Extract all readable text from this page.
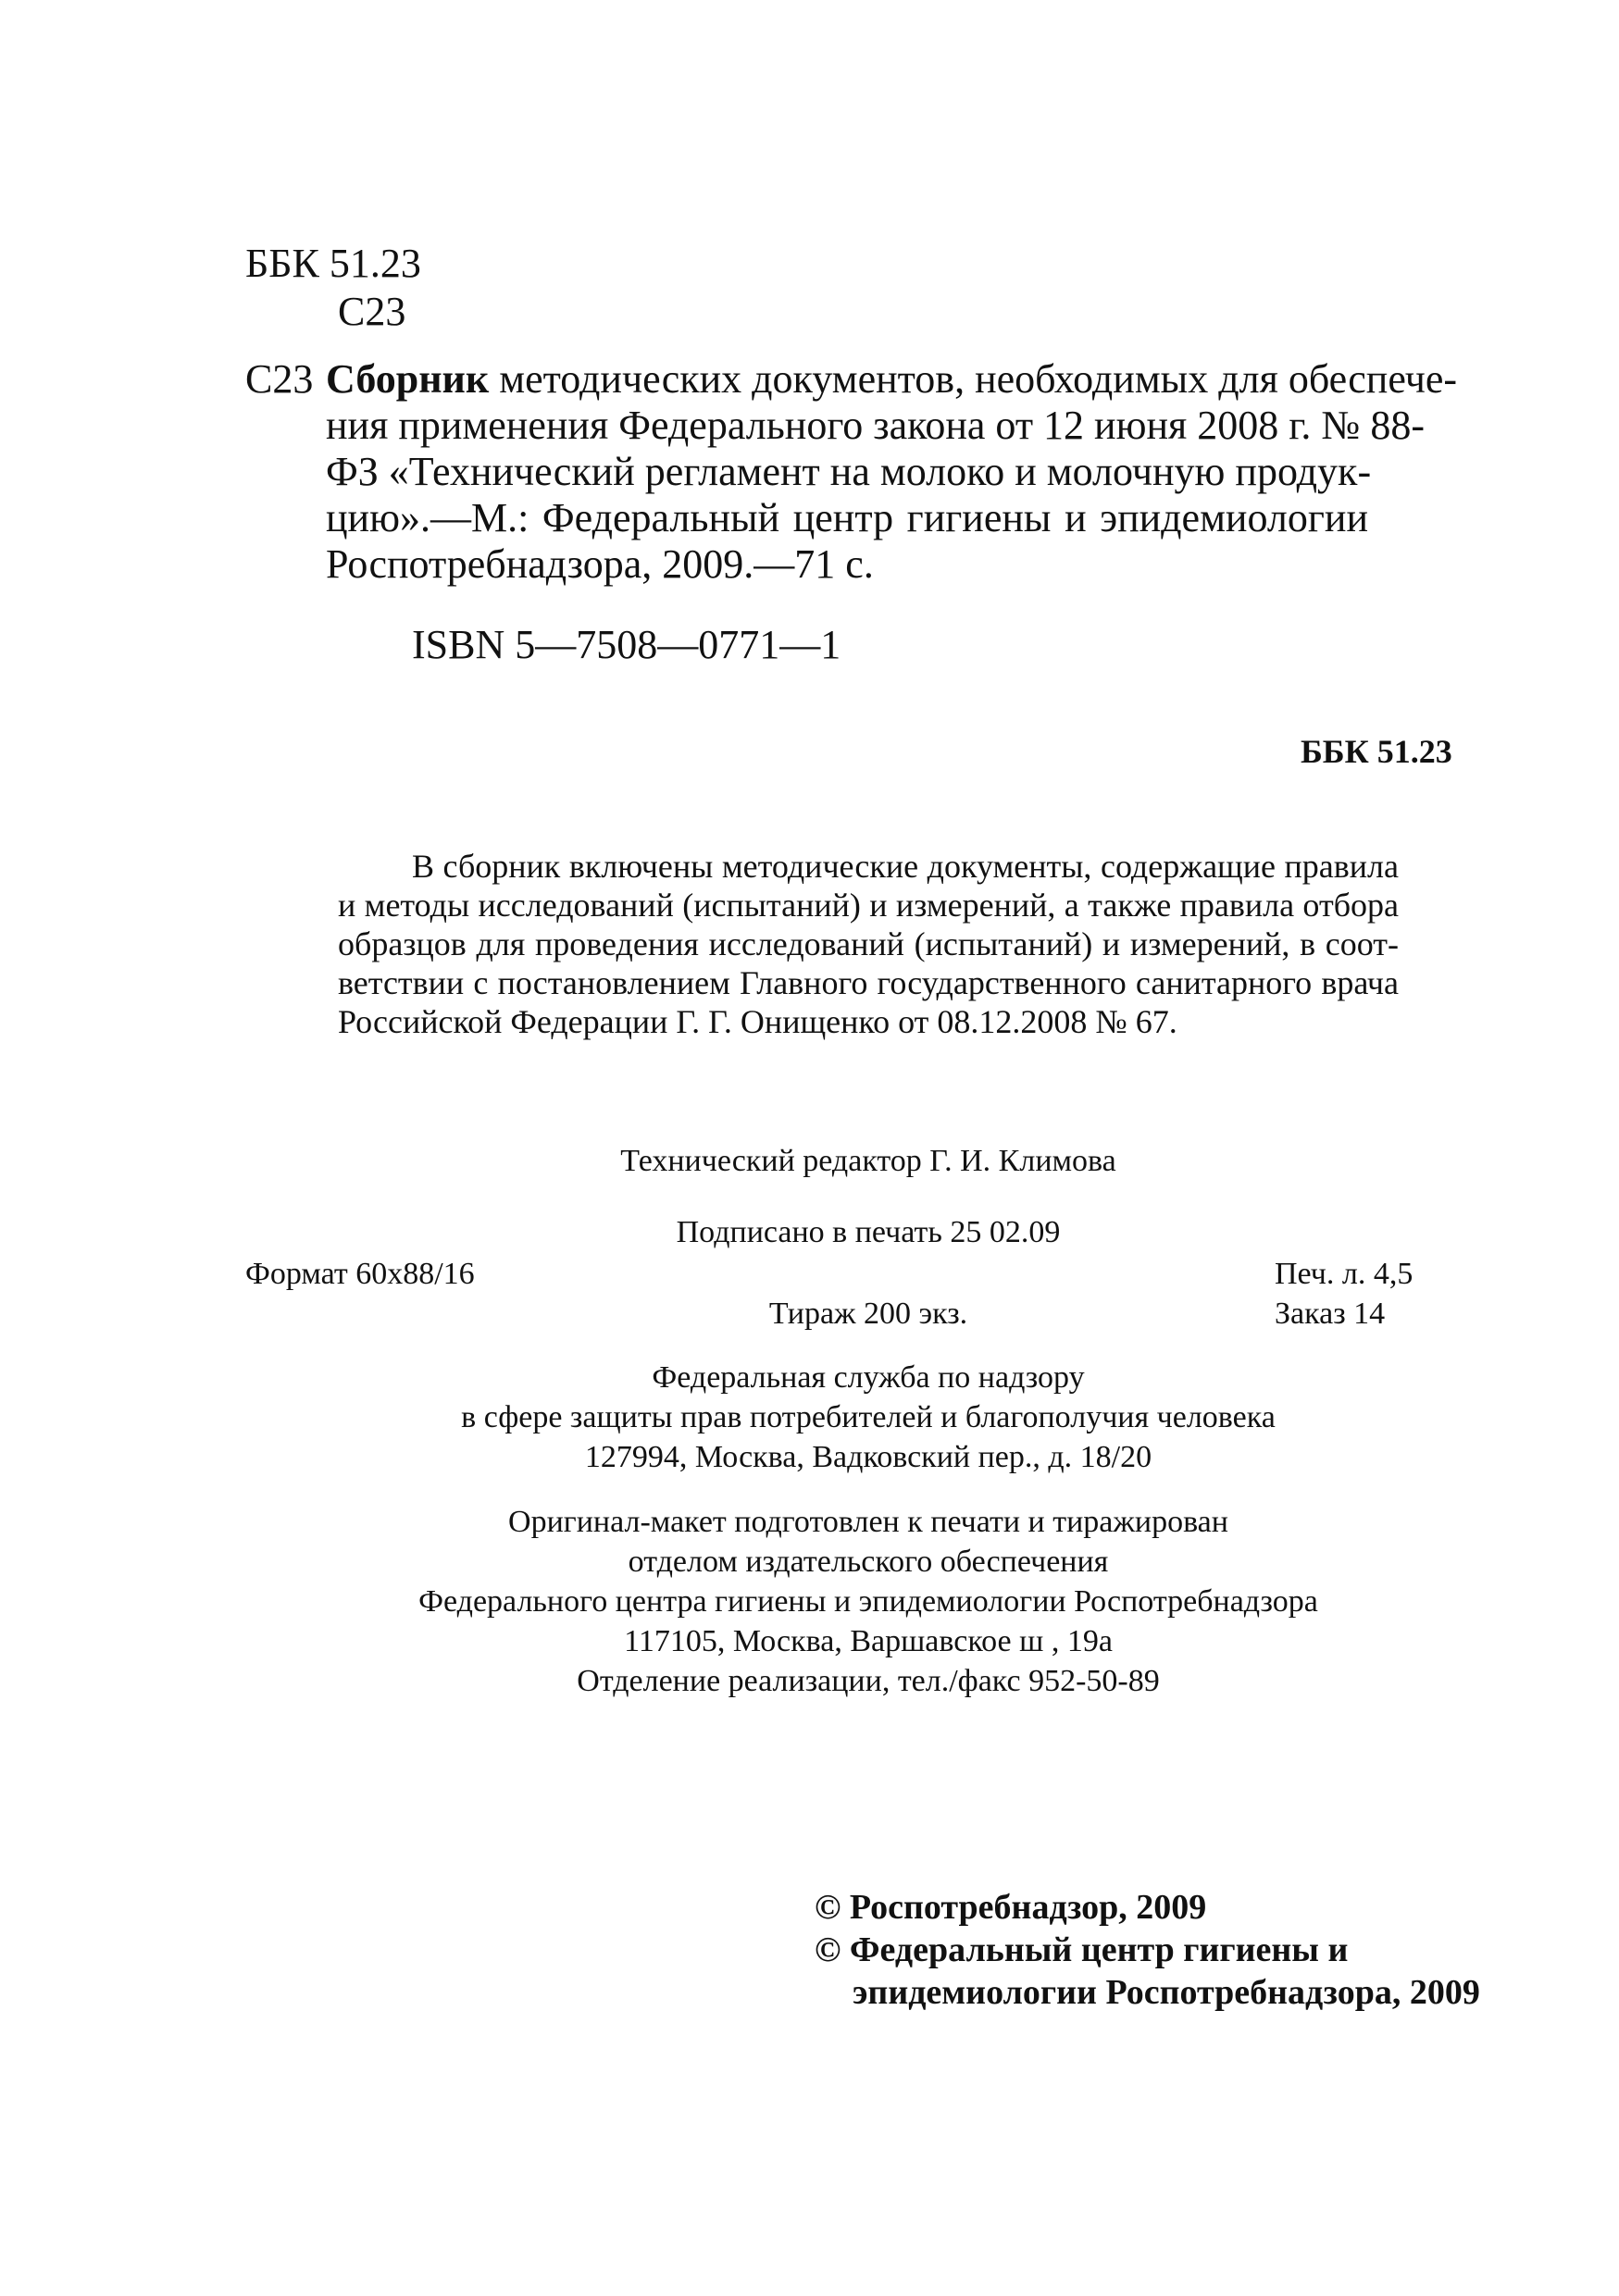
ББК 51.23
С23
С23 Сборник методических документов, необходимых для обеспече-
ния применения Федерального закона от 12 июня 2008 г. № 88-
ФЗ «Технический регламент на молоко и молочную продук-
цию».—М.: Федеральный центр гигиены и эпидемиологии
Роспотребнадзора, 2009.—71 с.
ISBN 5—7508—0771—1
ББК 51.23
В сборник включены методические документы, содержащие правила
и методы исследований (испытаний) и измерений, а также правила отбора
образцов для проведения исследований (испытаний) и измерений, в соот-
ветствии с постановлением Главного государственного санитарного врача
Российской Федерации Г. Г. Онищенко от 08.12.2008 № 67.
Технический редактор Г. И. Климова
Подписано в печать 25 02.09
Формат 60x88/16	Печ. л. 4,5
Тираж 200 экз.	Заказ 14
Федеральная служба по надзору
в сфере защиты прав потребителей и благополучия человека
127994, Москва, Вадковский пер., д. 18/20
Оригинал-макет подготовлен к печати и тиражирован
отделом издательского обеспечения
Федерального центра гигиены и эпидемиологии Роспотребнадзора
117105, Москва, Варшавское ш , 19а
Отделение реализации, тел./факс 952-50-89
© Роспотребнадзор, 2009
© Федеральный центр гигиены и
эпидемиологии Роспотребнадзора, 2009
